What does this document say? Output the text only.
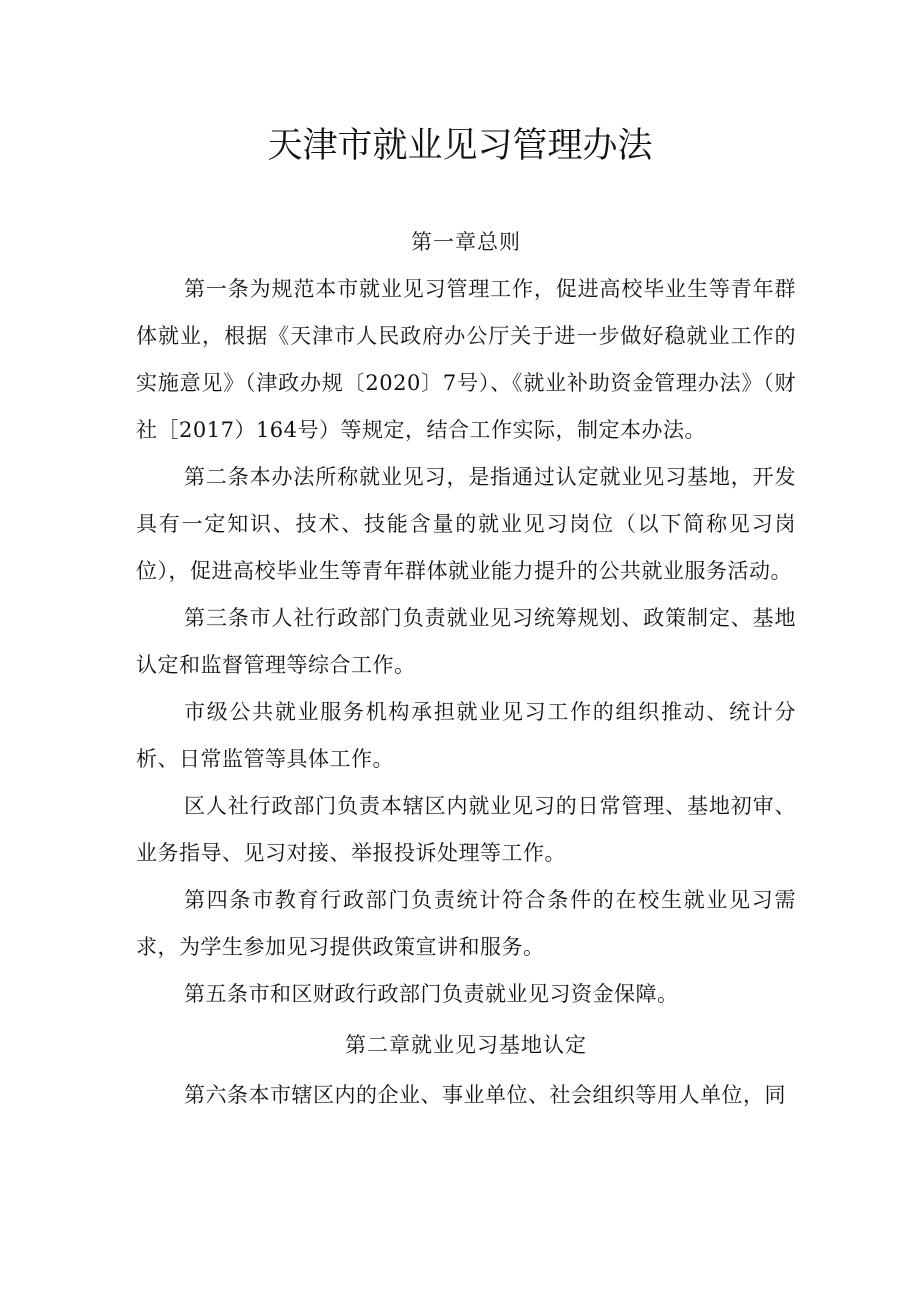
天津市就业见习管理办法

第一章总则

第一条为规范本市就业见习管理工作，促进高校毕业生等青年群体就业，根据《天津市人民政府办公厅关于进一步做好稳就业工作的实施意见》（津政办规〔2020〕7号）、《就业补助资金管理办法》（财社［2017）164号）等规定，结合工作实际，制定本办法。

第二条本办法所称就业见习，是指通过认定就业见习基地，开发具有一定知识、技术、技能含量的就业见习岗位（以下简称见习岗位），促进高校毕业生等青年群体就业能力提升的公共就业服务活动。

第三条市人社行政部门负责就业见习统筹规划、政策制定、基地认定和监督管理等综合工作。

市级公共就业服务机构承担就业见习工作的组织推动、统计分析、日常监管等具体工作。

区人社行政部门负责本辖区内就业见习的日常管理、基地初审、业务指导、见习对接、举报投诉处理等工作。

第四条市教育行政部门负责统计符合条件的在校生就业见习需求，为学生参加见习提供政策宣讲和服务。

第五条市和区财政行政部门负责就业见习资金保障。

第二章就业见习基地认定

第六条本市辖区内的企业、事业单位、社会组织等用人单位，同
